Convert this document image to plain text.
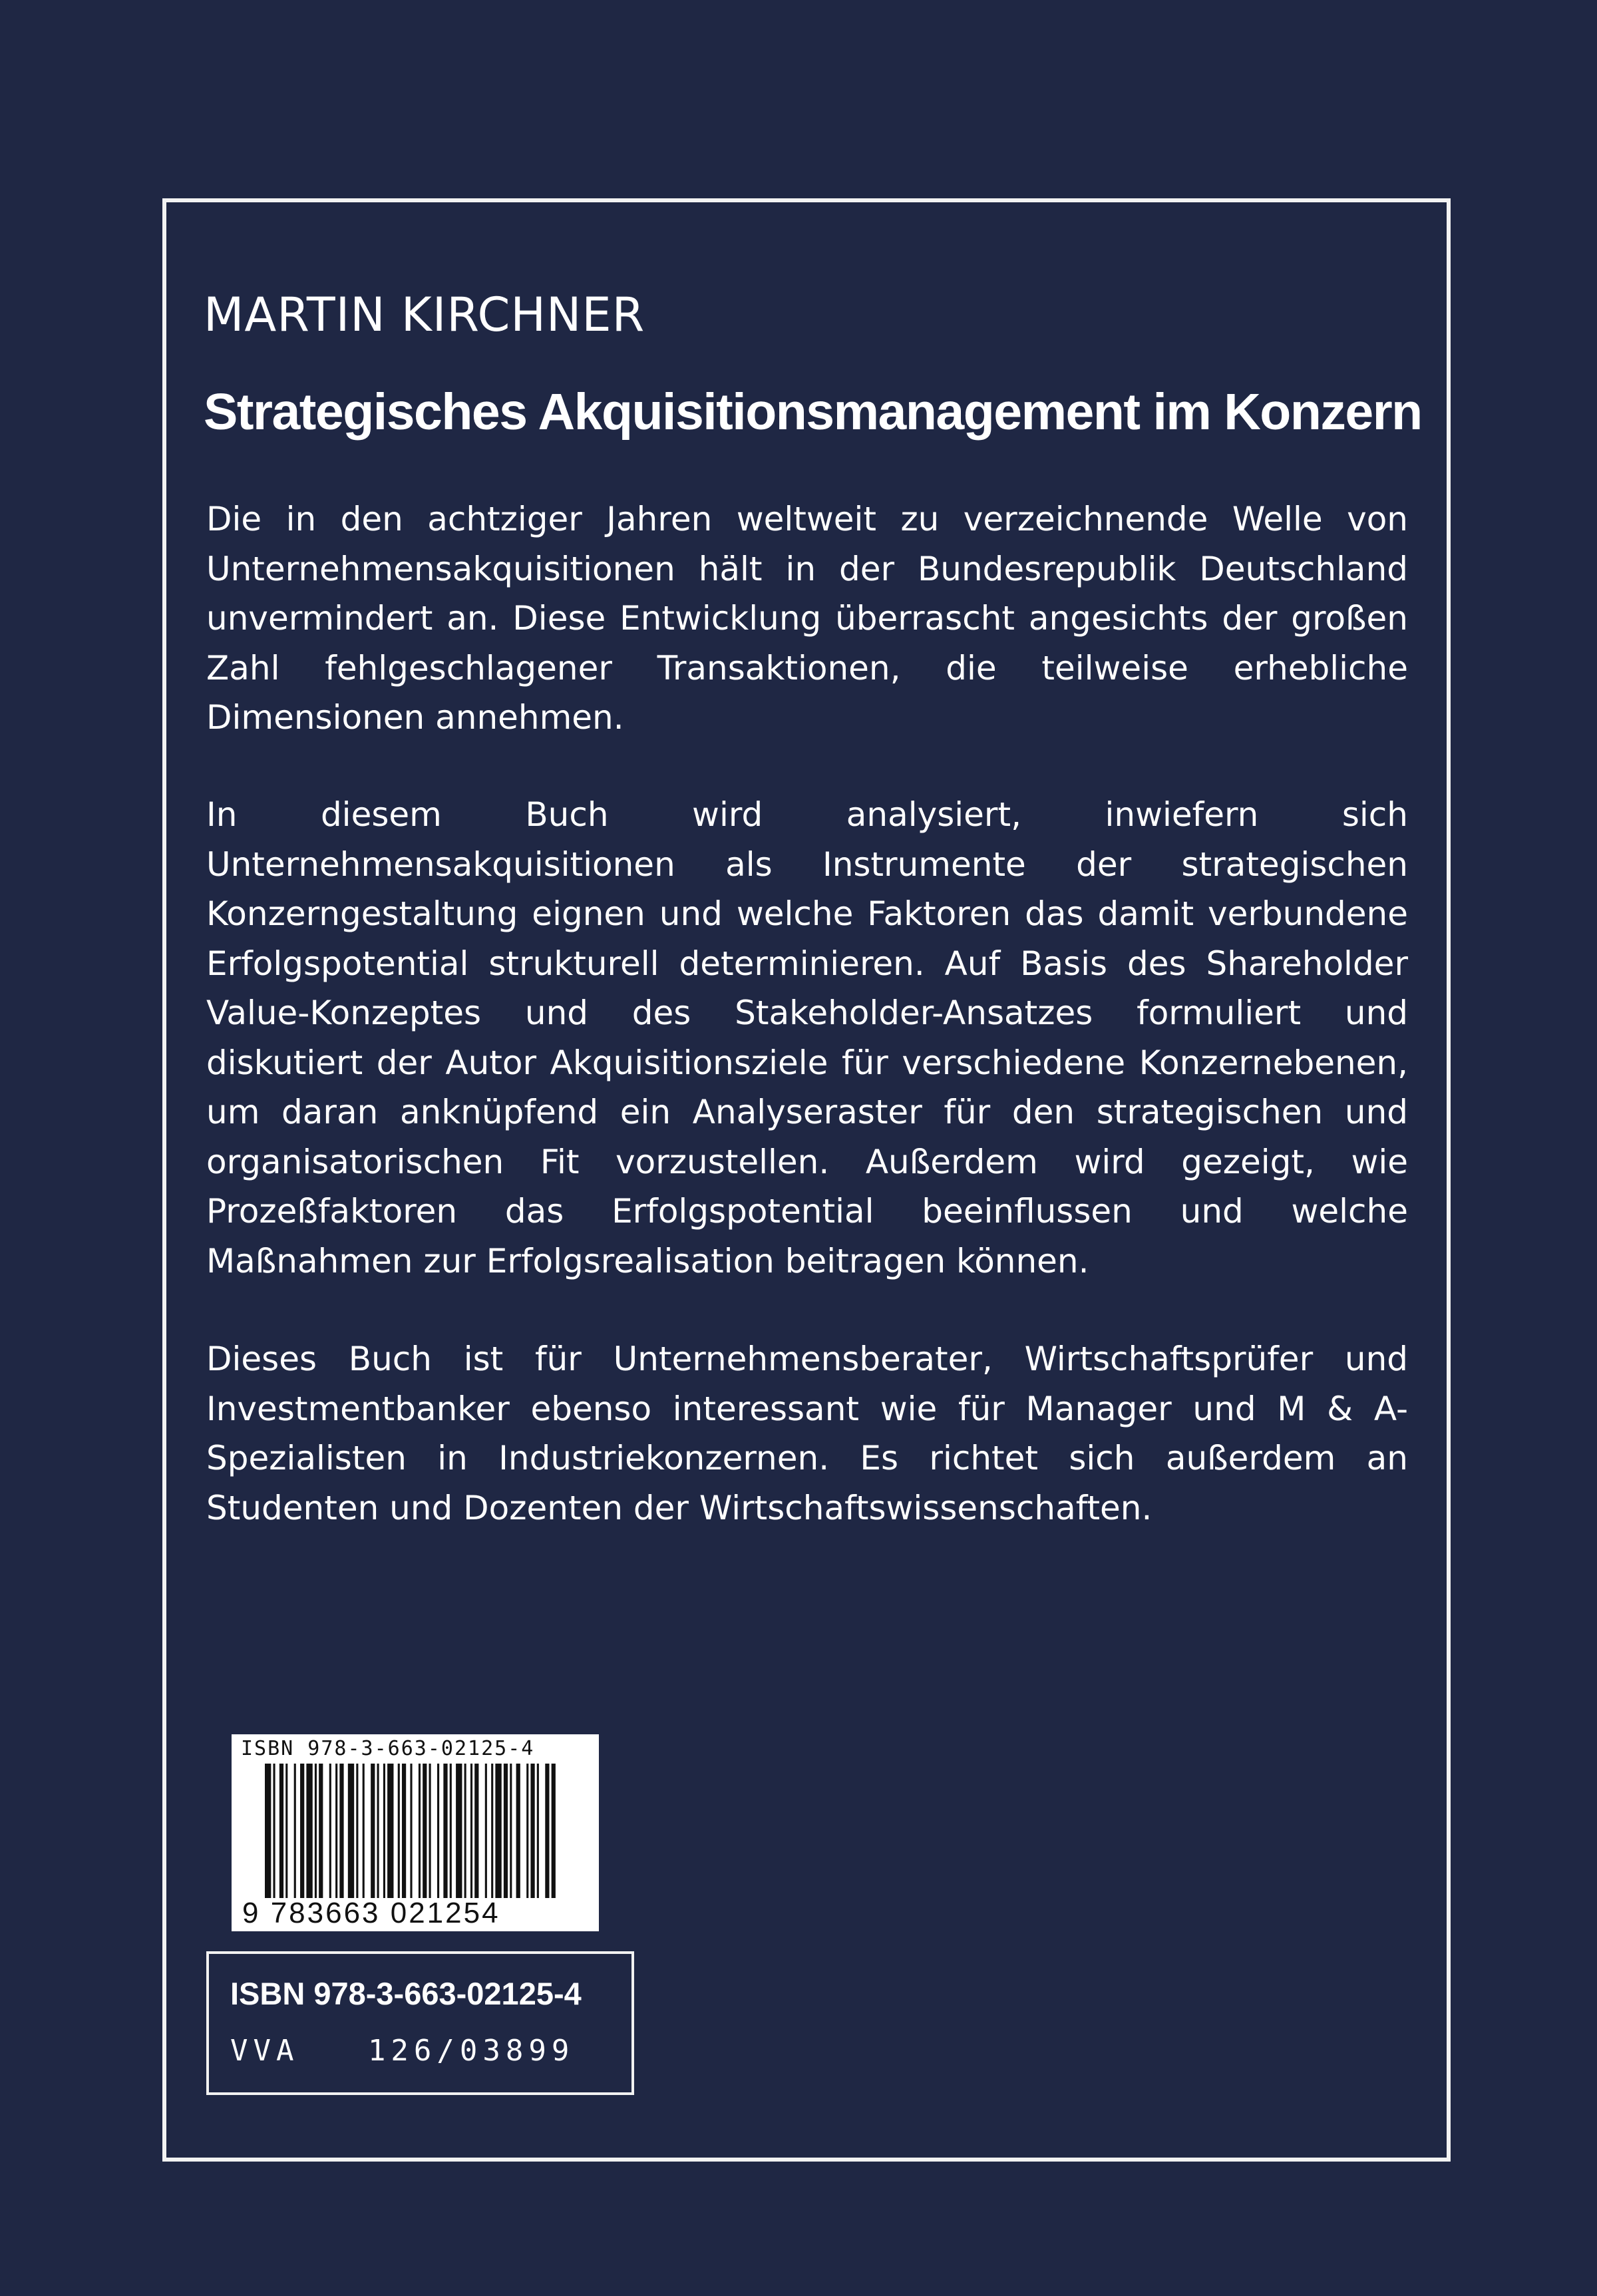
MARTIN KIRCHNER
Strategisches Akquisitionsmanagement im Konzern

Die in den achtziger Jahren weltweit zu verzeichnende Welle von Unternehmensakquisitionen hält in der Bundesrepublik Deutschland unvermindert an. Diese Entwicklung überrascht angesichts der großen Zahl fehlgeschlagener Transaktionen, die teilweise erhebliche Dimensionen annehmen.

In diesem Buch wird analysiert, inwiefern sich Unternehmensakquisitionen als Instrumente der strategischen Konzerngestaltung eignen und welche Faktoren das damit verbundene Erfolgspotential strukturell determinieren. Auf Basis des Shareholder Value-Konzeptes und des Stakeholder-Ansatzes formuliert und diskutiert der Autor Akquisitionsziele für verschiedene Konzernebenen, um daran anknüpfend ein Analyseraster für den strategischen und organisatorischen Fit vorzustellen. Außerdem wird gezeigt, wie Prozeßfaktoren das Erfolgspotential beeinflussen und welche Maßnahmen zur Erfolgsrealisation beitragen können.

Dieses Buch ist für Unternehmensberater, Wirtschaftsprüfer und Investmentbanker ebenso interessant wie für Manager und M & A-Spezialisten in Industriekonzernen. Es richtet sich außerdem an Studenten und Dozenten der Wirtschaftswissenschaften.

ISBN 978-3-663-02125-4
9 783663 021254
ISBN 978-3-663-02125-4
VVA   126/03899
